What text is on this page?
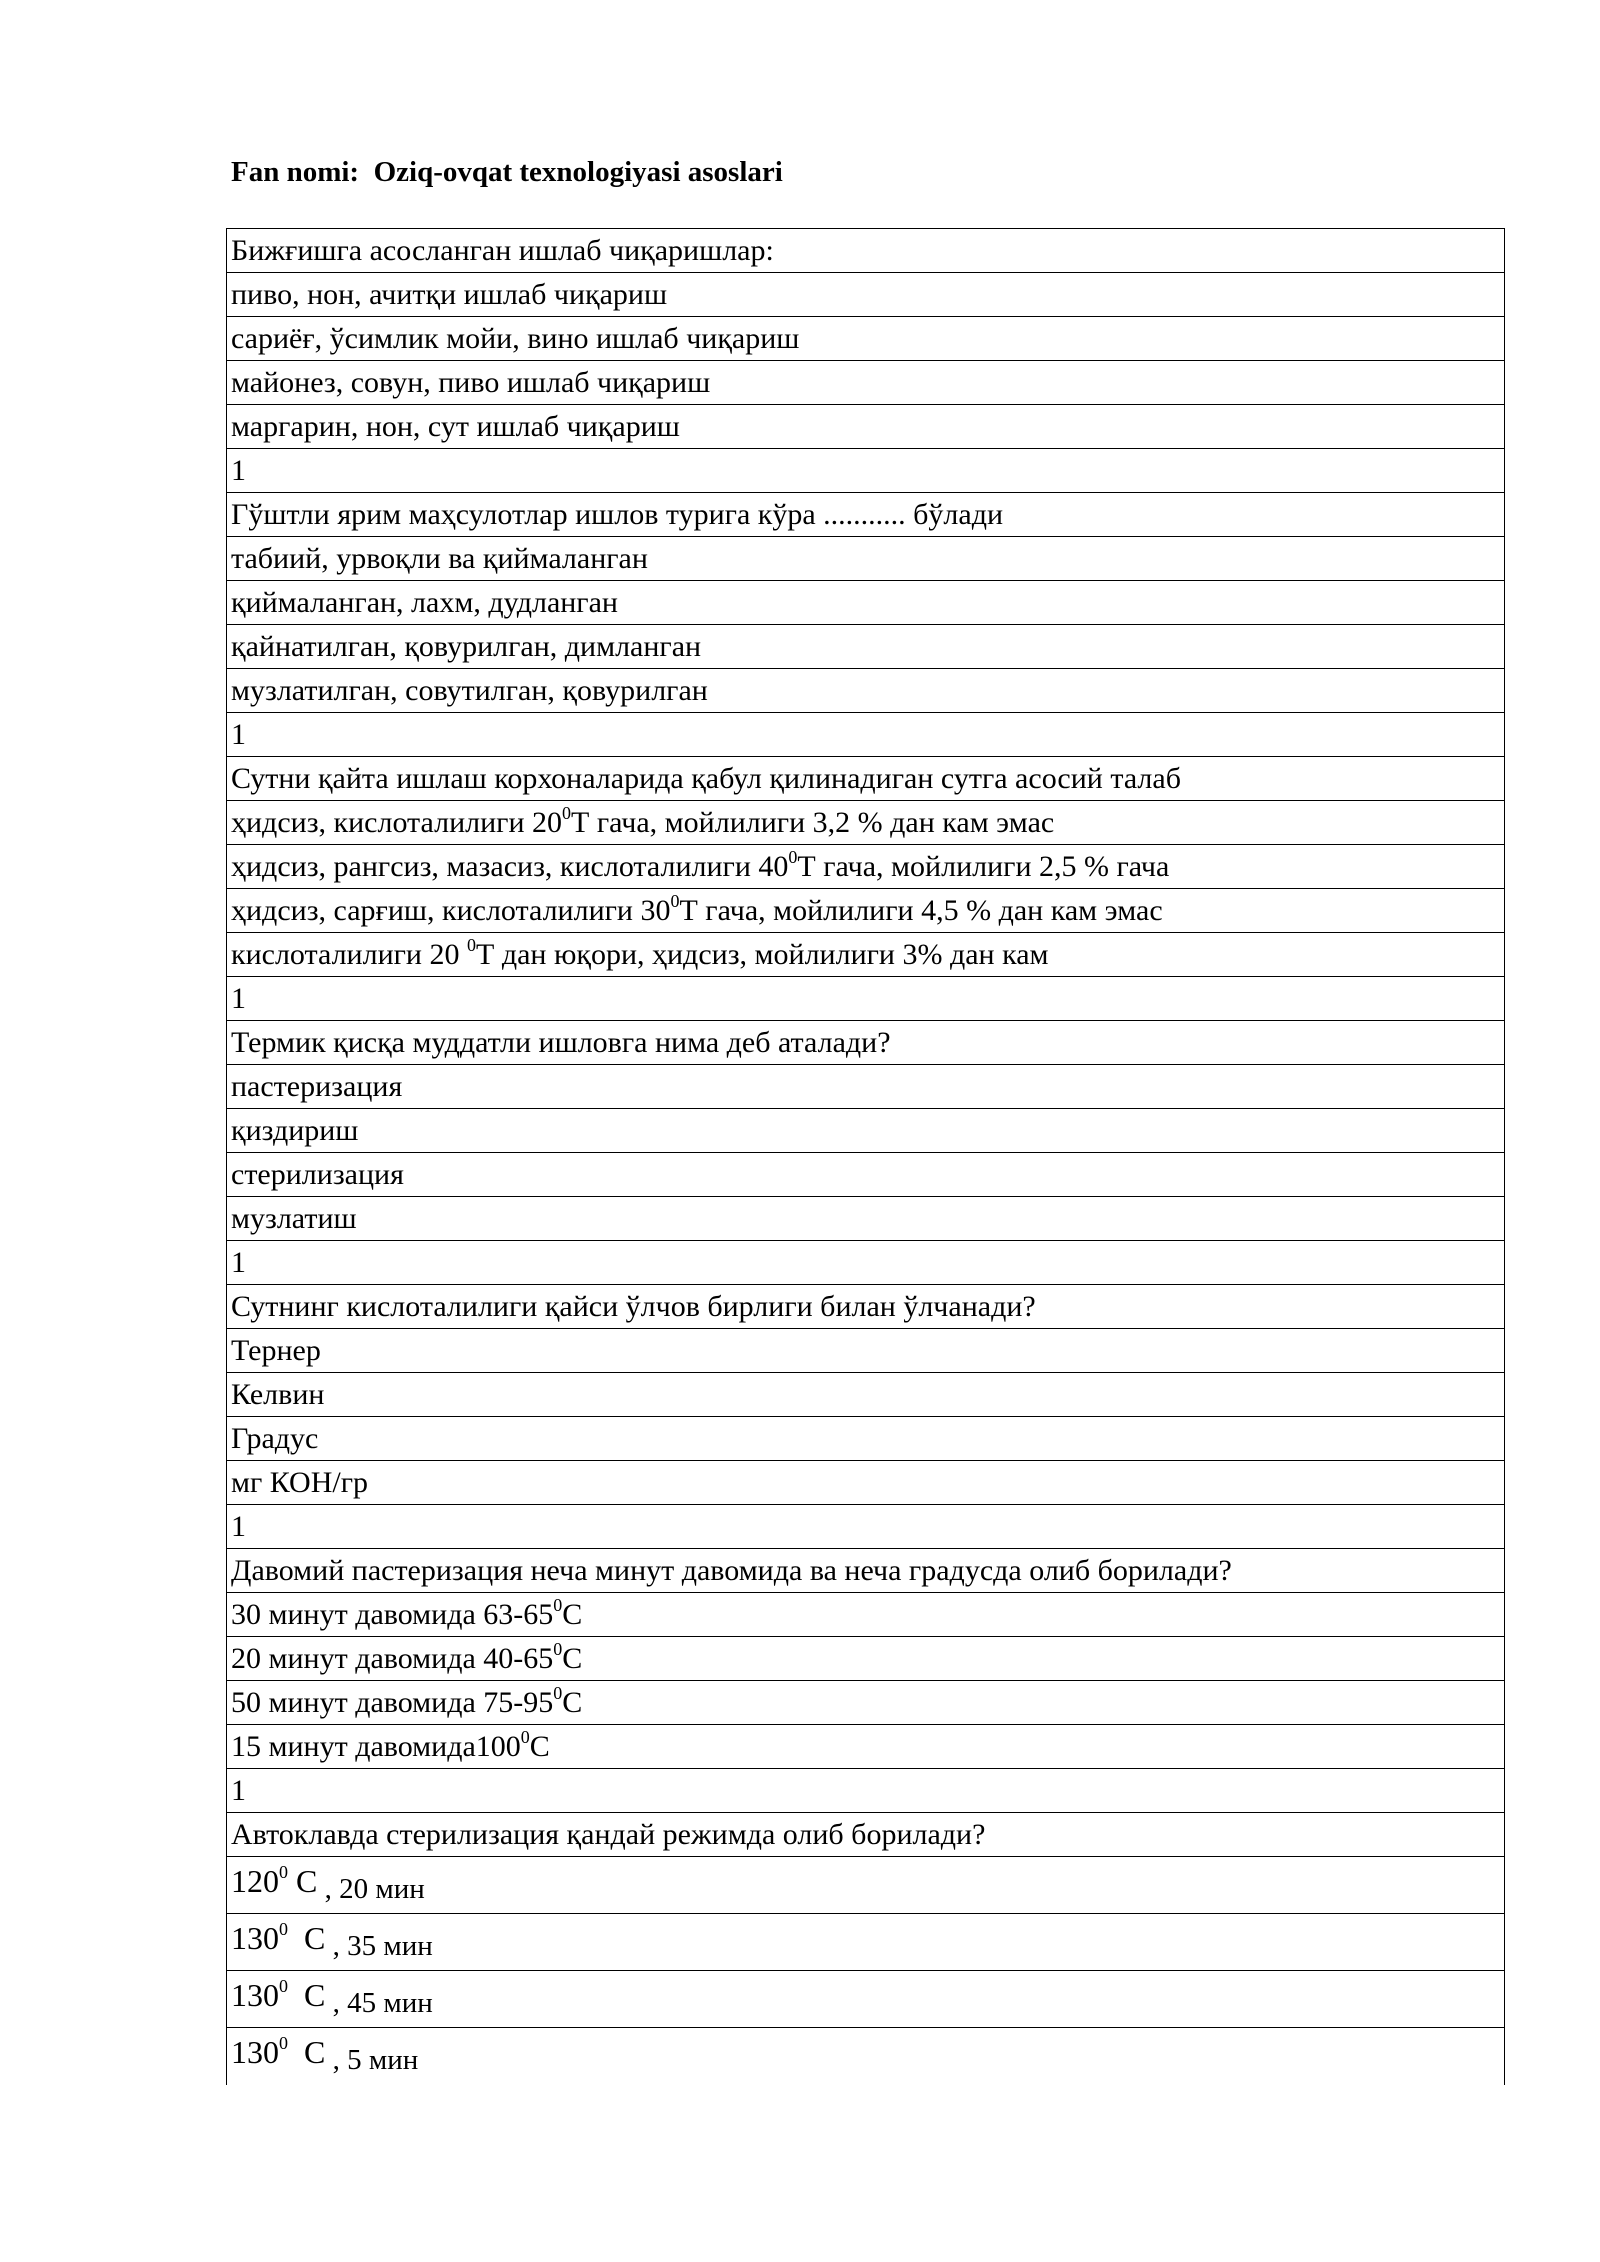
Fan nomi:  Oziq-ovqat texnologiyasi asoslari
Бижғишга асосланган ишлаб чиқаришлар:
пиво, нон, ачитқи ишлаб чиқариш
сариёғ, ўсимлик мойи, вино ишлаб чиқариш
майонез, совун, пиво ишлаб чиқариш
маргарин, нон, сут ишлаб чиқариш
1
Гўштли ярим маҳсулотлар ишлов турига кўра ........... бўлади
табиий, урвоқли ва қиймаланган
қиймаланган, лахм, дудланган
қайнатилган, қовурилган, димланган
музлатилган, совутилган, қовурилган
1
Сутни қайта ишлаш корхоналарида қабул қилинадиган сутга асосий талаб
ҳидсиз, кислоталилиги $20^0Т$ гача, мойлилиги 3,2 % дан кам эмас
ҳидсиз, рангсиз, мазасиз, кислоталилиги $40^0Т$ гача, мойлилиги 2,5 % гача
ҳидсиз, сарғиш, кислоталилиги $30^0Т$ гача, мойлилиги 4,5 % дан кам эмас
кислоталилиги 20 $^0$Т дан юқори, ҳидсиз, мойлилиги 3% дан кам
1
Термик қисқа муддатли ишловга нима деб аталади?
пастеризация
қиздириш
стерилизация
музлатиш
1
Сутнинг кислоталилиги қайси ўлчов бирлиги билан ўлчанади?
Тернер
Келвин
Градус
мг КОН/гр
1
Давомий пастеризация неча минут давомида ва неча градусда олиб борилади?
30 минут давомида $63-65^0С$
20 минут давомида $40-65^0С$
50 минут давомида $75-95^0С$
15 минут $давомида100^0С$
1
Автоклавда стерилизация қандай режимда олиб борилади?
$120^0$ С , 20 мин
$130^0$  С , 35 мин
$130^0$  С , 45 мин
$130^0$  С , 5 мин
